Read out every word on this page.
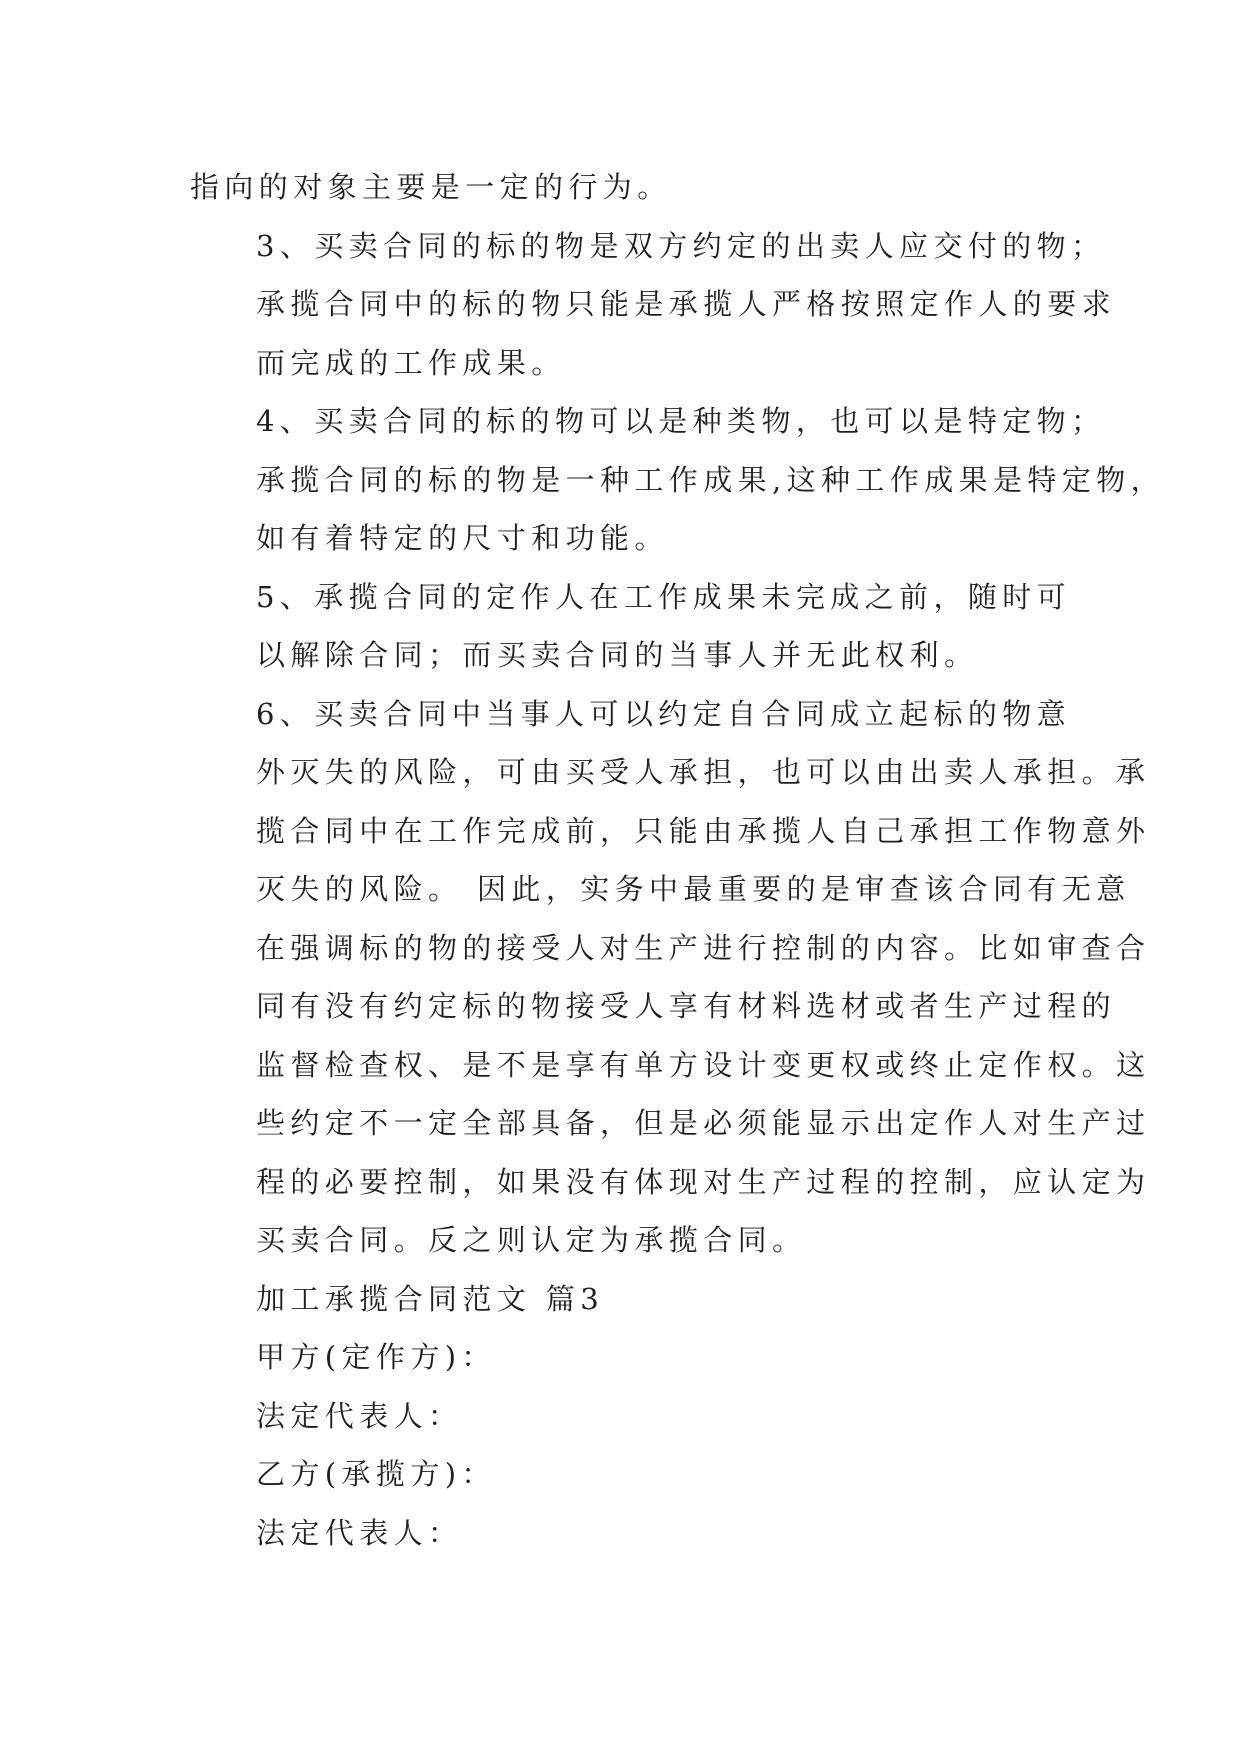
指向的对象主要是一定的行为。

3、买卖合同的标的物是双方约定的出卖人应交付的物；
承揽合同中的标的物只能是承揽人严格按照定作人的要求
而完成的工作成果。

4、买卖合同的标的物可以是种类物，也可以是特定物；
承揽合同的标的物是一种工作成果,这种工作成果是特定物，
如有着特定的尺寸和功能。

5、承揽合同的定作人在工作成果未完成之前，随时可
以解除合同；而买卖合同的当事人并无此权利。

6、买卖合同中当事人可以约定自合同成立起标的物意
外灭失的风险，可由买受人承担，也可以由出卖人承担。承
揽合同中在工作完成前，只能由承揽人自己承担工作物意外
灭失的风险。 因此，实务中最重要的是审查该合同有无意
在强调标的物的接受人对生产进行控制的内容。比如审查合
同有没有约定标的物接受人享有材料选材或者生产过程的
监督检查权、是不是享有单方设计变更权或终止定作权。这
些约定不一定全部具备，但是必须能显示出定作人对生产过
程的必要控制，如果没有体现对生产过程的控制，应认定为
买卖合同。反之则认定为承揽合同。

加工承揽合同范文 篇3

甲方(定作方)：

法定代表人：

乙方(承揽方)：

法定代表人：
